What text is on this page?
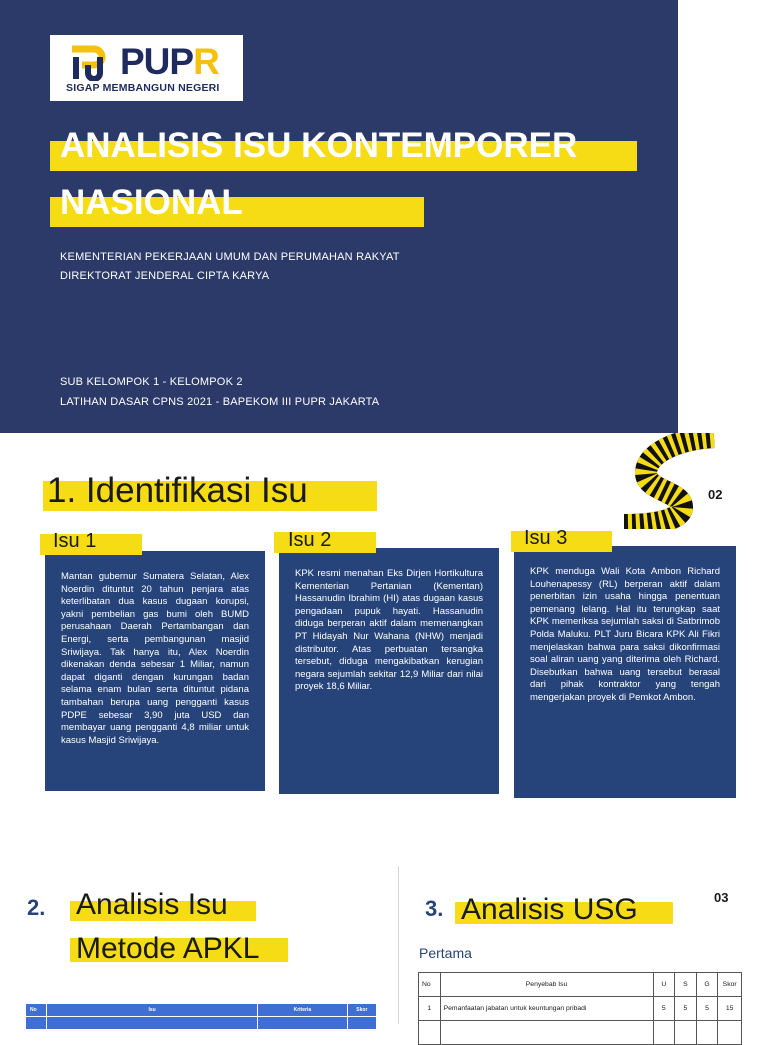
PUPR
SIGAP MEMBANGUN NEGERI
ANALISIS ISU KONTEMPORER
NASIONAL
KEMENTERIAN PEKERJAAN UMUM DAN PERUMAHAN RAKYAT
DIREKTORAT JENDERAL CIPTA KARYA
SUB KELOMPOK 1 - KELOMPOK 2
LATIHAN DASAR CPNS 2021 - BAPEKOM III PUPR JAKARTA
1. Identifikasi Isu	02
Mantan gubernur Sumatera Selatan, Alex Noerdin dituntut 20 tahun penjara atas keterlibatan dua kasus dugaan korupsi, yakni pembelian gas bumi oleh BUMD perusahaan Daerah Pertambangan dan Energi, serta pembangunan masjid Sriwijaya. Tak hanya itu, Alex Noerdin dikenakan denda sebesar 1 Miliar, namun dapat diganti dengan kurungan badan selama enam bulan serta dituntut pidana tambahan berupa uang pengganti kasus PDPE sebesar 3,90 juta USD dan membayar uang pengganti 4,8 miliar untuk kasus Masjid Sriwijaya.
Isu 1
KPK resmi menahan Eks Dirjen Hortikultura Kementerian Pertanian (Kementan) Hassanudin Ibrahim (HI) atas dugaan kasus pengadaan pupuk hayati. Hassanudin diduga berperan aktif dalam memenangkan PT Hidayah Nur Wahana (NHW) menjadi distributor. Atas perbuatan tersangka tersebut, diduga mengakibatkan kerugian negara sejumlah sekitar 12,9 Miliar dari nilai proyek 18,6 Miliar.
Isu 2
KPK menduga Wali Kota Ambon Richard Louhenapessy (RL) berperan aktif dalam penerbitan izin usaha hingga penentuan pemenang lelang. Hal itu terungkap saat KPK memeriksa sejumlah saksi di Satbrimob Polda Maluku. PLT Juru Bicara KPK Ali Fikri menjelaskan bahwa para saksi dikonfirmasi soal aliran uang yang diterima oleh Richard. Disebutkan bahwa uang tersebut berasal dari pihak kontraktor yang tengah mengerjakan proyek di Pemkot Ambon.
Isu 3
2. Analisis Isu
Metode APKL
No	Isu	Kriteria	Skor

3. Analisis USG	03
Pertama
No	Penyebab Isu	U	S	G	Skor
1	Pemanfaatan jabatan untuk keuntungan pribadi	5	5	5	15
